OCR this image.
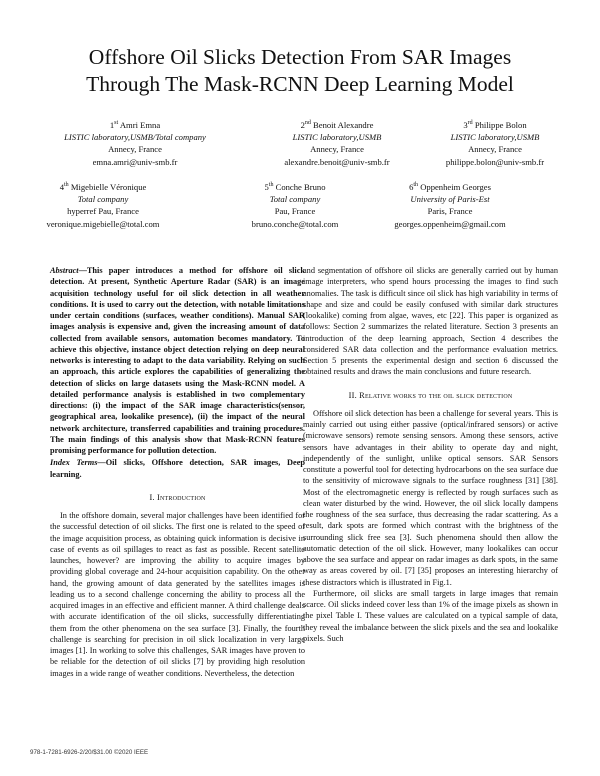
Offshore Oil Slicks Detection From SAR Images
Through The Mask-RCNN Deep Learning Model
1st Amri Emna
LISTIC laboratory,USMB/Total company
Annecy, France
emna.amri@univ-smb.fr
2nd Benoit Alexandre
LISTIC laboratory,USMB
Annecy, France
alexandre.benoit@univ-smb.fr
3rd Philippe Bolon
LISTIC laboratory,USMB
Annecy, France
philippe.bolon@univ-smb.fr
4th Migebielle Véronique
Total company
hyperref Pau, France
veronique.migebielle@total.com
5th Conche Bruno
Total company
Pau, France
bruno.conche@total.com
6th Oppenheim Georges
University of Paris-Est
Paris, France
georges.oppenheim@gmail.com

Abstract—This paper introduces a method for offshore oil slick detection. At present, Synthetic Aperture Radar (SAR) is an image acquisition technology useful for oil slick detection in all weather conditions. It is used to carry out the detection, with notable limitations under certain conditions (surfaces, weather conditions). Manual SAR images analysis is expensive and, given the increasing amount of data collected from available sensors, automation becomes mandatory. To achieve this objective, instance object detection relying on deep neural networks is interesting to adapt to the data variability. Relying on such an approach, this article explores the capabilities of generalizing the detection of slicks on large datasets using the Mask-RCNN model. A detailed performance analysis is established in two complementary directions: (i) the impact of the SAR image characteristics(sensor, geographical area, lookalike presence), (ii) the impact of the neural network architecture, transferred capabilities and training procedures. The main findings of this analysis show that Mask-RCNN features promising performance for pollution detection.

Index Terms—Oil slicks, Offshore detection, SAR images, Deep learning.

I. Introduction

In the offshore domain, several major challenges have been identified for the successful detection of oil slicks. The first one is related to the speed of the image acquisition process, as obtaining quick information is decisive in case of events as oil spillages to react as fast as possible. Recent satellite launches, however? are improving the ability to acquire images by providing global coverage and 24-hour acquisition capability. On the other hand, the growing amount of data generated by the satellites images is leading us to a second challenge concerning the ability to process all the acquired images in an effective and efficient manner. A third challenge deals with accurate identification of the oil slicks, successfully differentiating them from the other phenomena on the sea surface [3]. Finally, the fourth challenge is searching for precision in oil slick localization in very large images [1]. In working to solve this challenges, SAR images have proven to be reliable for the detection of oil slicks [7] by providing high resolution images in a wide range of weather conditions. Nevertheless, the detection

and segmentation of offshore oil slicks are generally carried out by human image interpreters, who spend hours processing the images to find such anomalies. The task is difficult since oil slick has high variability in terms of shape and size and could be easily confused with similar dark structures (lookalike) coming from algae, waves, etc [22]. This paper is organized as follows: Section 2 summarizes the related literature. Section 3 presents an introduction of the deep learning approach, Section 4 describes the considered SAR data collection and the performance evaluation metrics. Section 5 presents the experimental design and section 6 discussed the obtained results and draws the main conclusions and future research.

II. Relative works to the oil slick detection

Offshore oil slick detection has been a challenge for several years. This is mainly carried out using either passive (optical/infrared sensors) or active (microwave sensors) remote sensing sensors. Among these sensors, active sensors have advantages in their ability to operate day and night, independently of the sunlight, unlike optical sensors. SAR Sensors constitute a powerful tool for detecting hydrocarbons on the sea surface due to the sensitivity of microwave signals to the surface roughness [31] [38]. Most of the electromagnetic energy is reflected by rough surfaces such as clean water disturbed by the wind. However, the oil slick locally dampens the roughness of the sea surface, thus decreasing the radar scattering. As a result, dark spots are formed which contrast with the brightness of the surrounding slick free sea [3]. Such phenomena should then allow the automatic detection of the oil slick. However, many lookalikes can occur above the sea surface and appear on radar images as dark spots, in the same way as areas covered by oil. [7] [35] proposes an interesting hierarchy of these distractors which is illustrated in Fig.1.

Furthermore, oil slicks are small targets in large images that remain scarce. Oil slicks indeed cover less than 1% of the image pixels as shown in the pixel Table I. These values are calculated on a typical sample of data, they reveal the imbalance between the slick pixels and the sea and lookalike pixels. Such

978-1-7281-6926-2/20/$31.00 ©2020 IEEE
